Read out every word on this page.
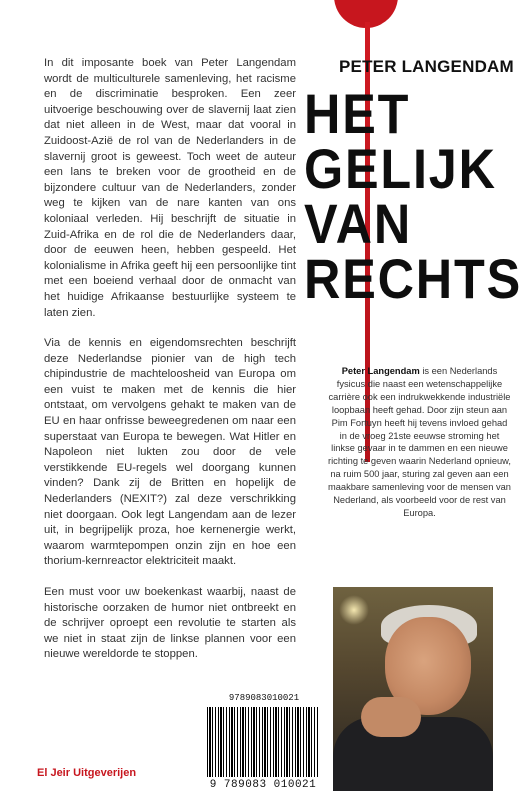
In dit imposante boek van Peter Langendam wordt de multiculturele samenleving, het racisme en de discriminatie besproken. Een zeer uitvoerige beschouwing over de slavernij laat zien dat niet alleen in de West, maar dat vooral in Zuidoost-Azië de rol van de Nederlanders in de slavernij groot is geweest. Toch weet de auteur een lans te breken voor de grootheid en de bijzondere cultuur van de Nederlanders, zonder weg te kijken van de nare kanten van ons koloniaal verleden. Hij beschrijft de situatie in Zuid-Afrika en de rol die de Nederlanders daar, door de eeuwen heen, hebben gespeeld. Het kolonialisme in Afrika geeft hij een persoonlijke tint met een boeiend verhaal door de onmacht van het huidige Afrikaanse bestuurlijke systeem te laten zien.

Via de kennis en eigendomsrechten beschrijft deze Nederlandse pionier van de high tech chipindustrie de machteloosheid van Europa om een vuist te maken met de kennis die hier ontstaat, om vervolgens gehakt te maken van de EU en haar onfrisse beweegredenen om naar een superstaat van Europa te bewegen. Wat Hitler en Napoleon niet lukten zou door de vele verstikkende EU-regels wel doorgang kunnen vinden? Dank zij de Britten en hopelijk de Nederlanders (NEXIT?) zal deze verschrikking niet doorgaan. Ook legt Langendam aan de lezer uit, in begrijpelijk proza, hoe kernenergie werkt, waarom warmtepompen onzin zijn en hoe een thorium-kernreactor elektriciteit maakt.

Een must voor uw boekenkast waarbij, naast de historische oorzaken de humor niet ontbreekt en de schrijver oproept een revolutie te starten als we niet in staat zijn de linkse plannen voor een nieuwe wereldorde te stoppen.

PETER LANGENDAM
HET
GELIJK
VAN
RECHTS
Peter Langendam is een Nederlands fysicus die naast een wetenschappelijke carrière ook een indrukwekkende industriële loopbaan heeft gehad. Door zijn steun aan Pim Fortuyn heeft hij tevens invloed gehad in de vroeg 21ste eeuwse stroming het linkse gevaar in te dammen en een nieuwe richting te geven waarin Nederland opnieuw, na ruim 500 jaar, sturing zal geven aan een maakbare samenleving voor de mensen van Nederland, als voorbeeld voor de rest van Europa.
9789083010021
9 789083 010021
El Jeir Uitgeverijen
